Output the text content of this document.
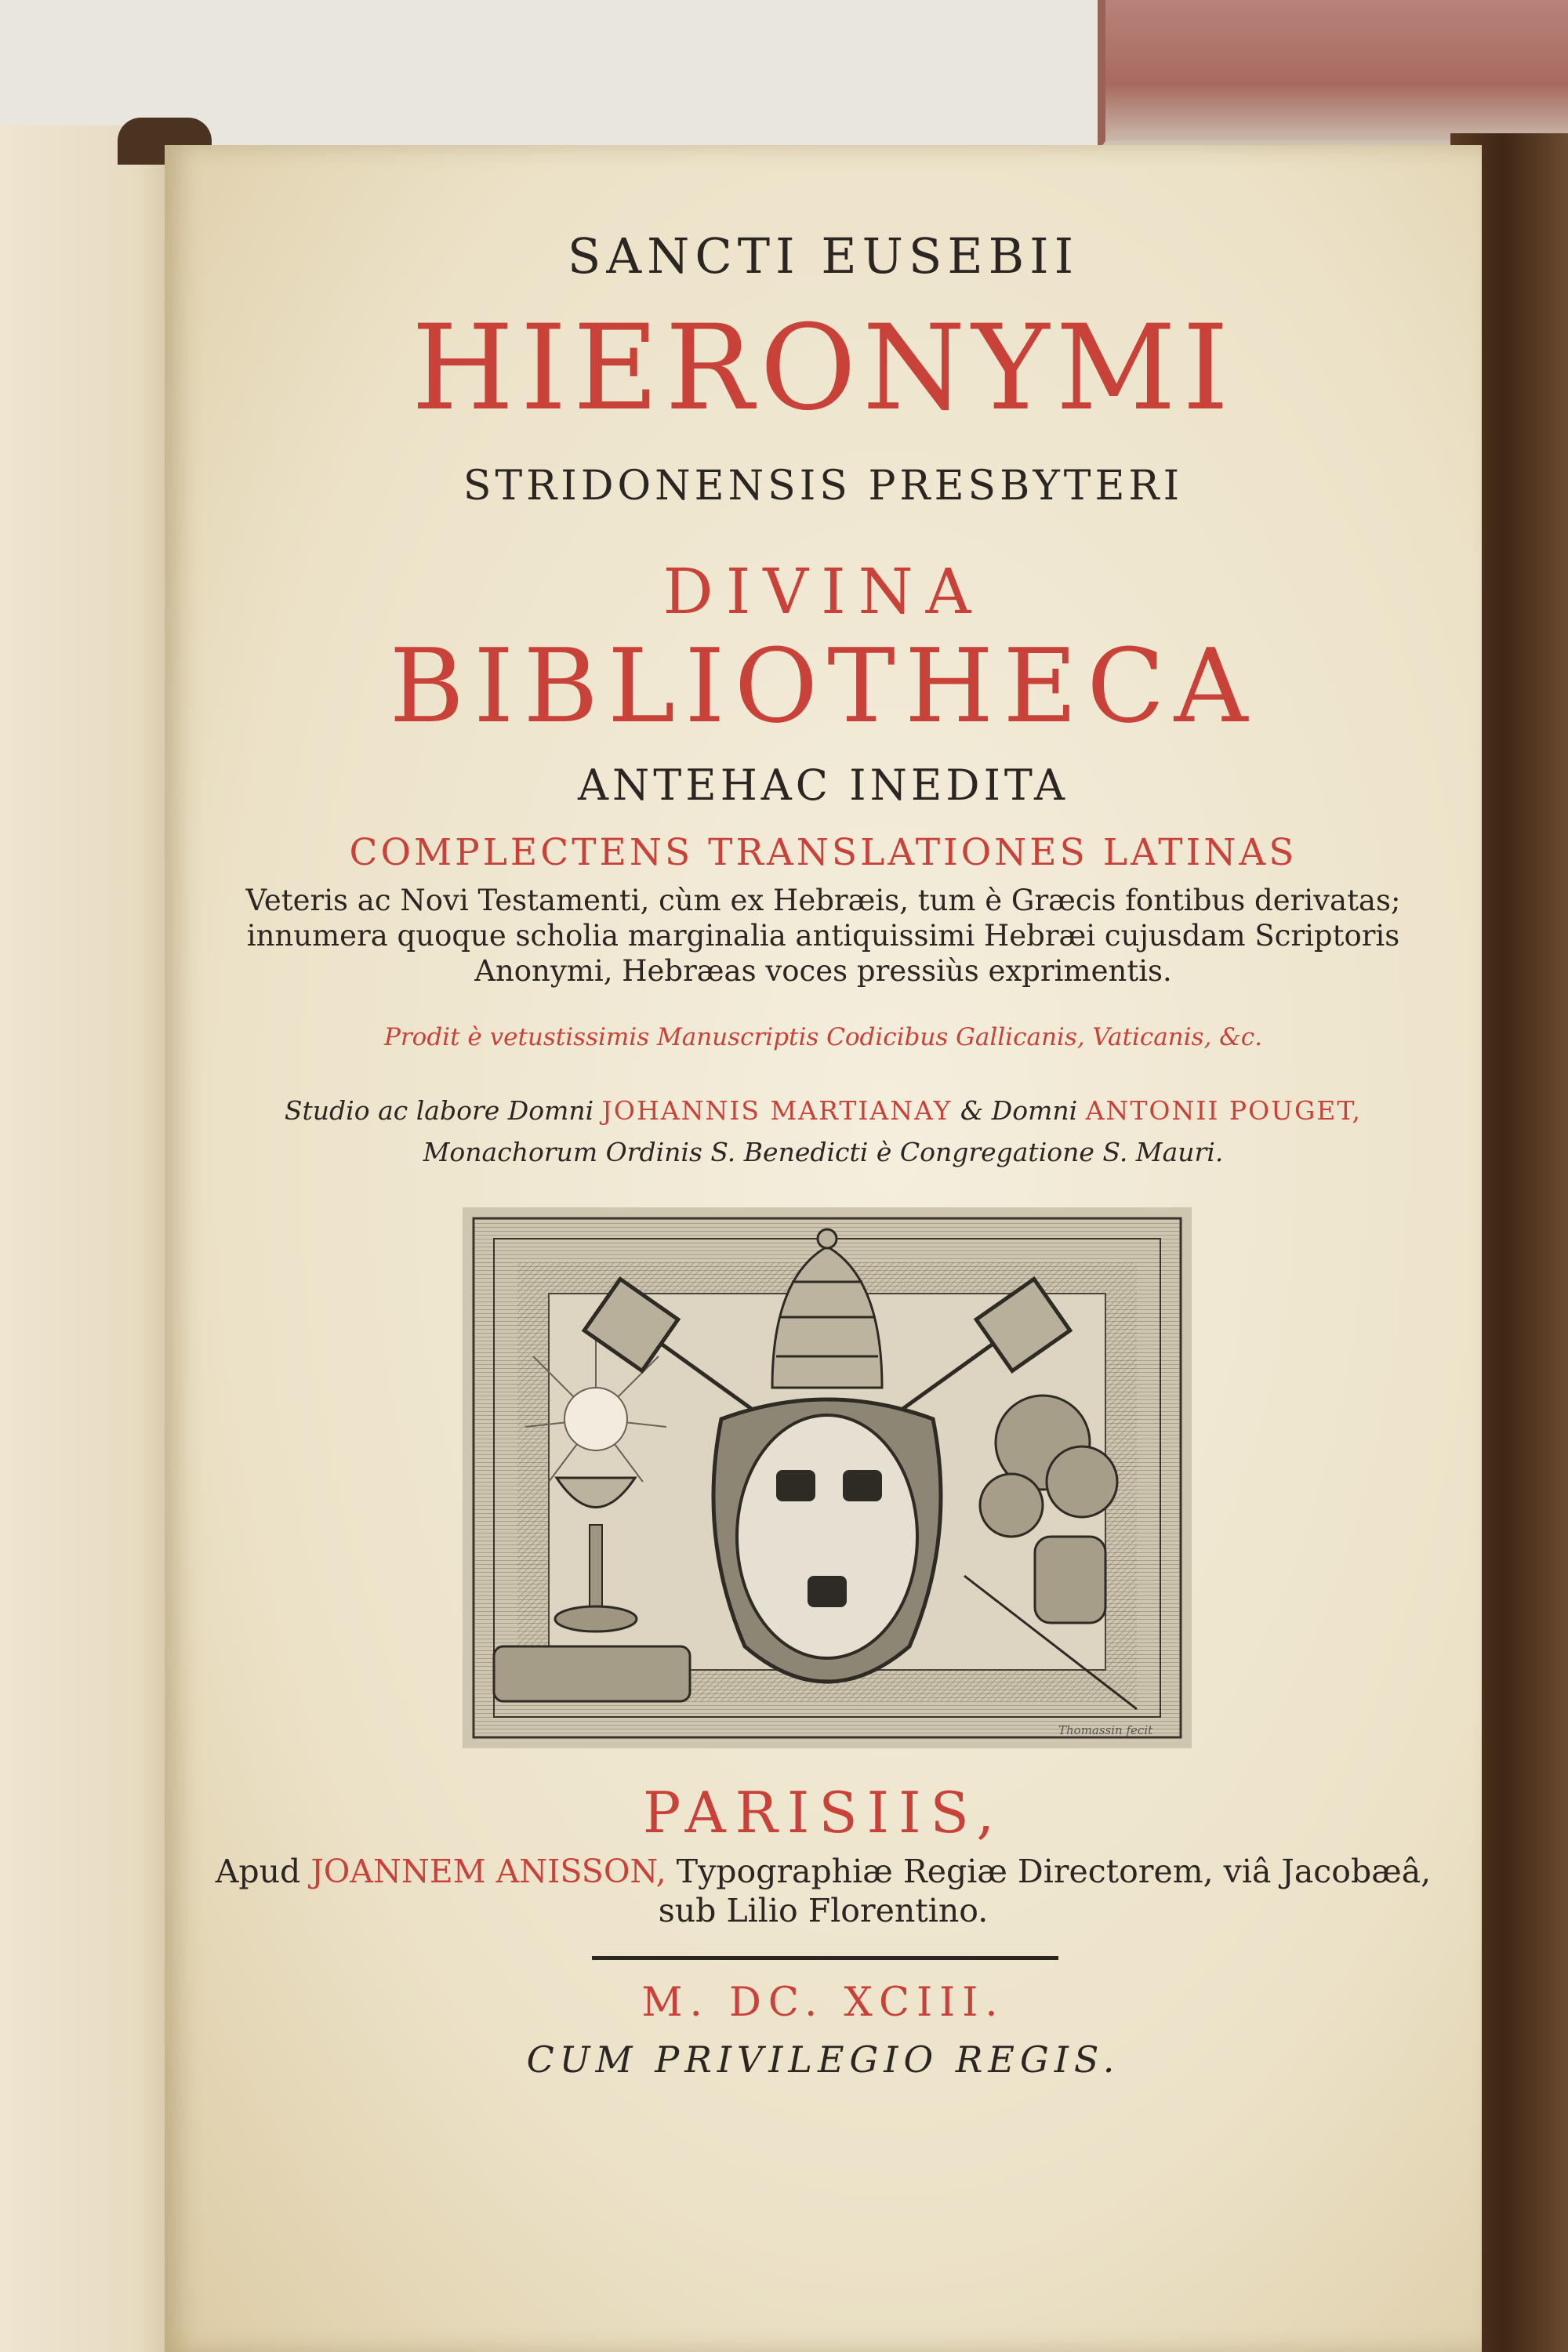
SANCTI EUSEBII

HIERONYMI

STRIDONENSIS PRESBYTERI

DIVINA

BIBLIOTHECA

ANTEHAC INEDITA

COMPLECTENS TRANSLATIONES LATINAS

Veteris ac Novi Testamenti, cùm ex Hebræis, tum è Græcis fontibus derivatas;

innumera quoque scholia marginalia antiquissimi Hebræi cujusdam Scriptoris

Anonymi, Hebræas voces pressiùs exprimentis.

Prodit è vetustissimis Manuscriptis Codicibus Gallicanis, Vaticanis, &c.

Studio ac labore Domni JOHANNIS MARTIANAY & Domni ANTONII POUGET,

Monachorum Ordinis S. Benedicti è Congregatione S. Mauri.

Thomassin fecit

PARISIIS,

Apud JOANNEM ANISSON, Typographiæ Regiæ Directorem, viâ Jacobæâ,

sub Lilio Florentino.

M. DC. XCIII.

CUM PRIVILEGIO REGIS.
